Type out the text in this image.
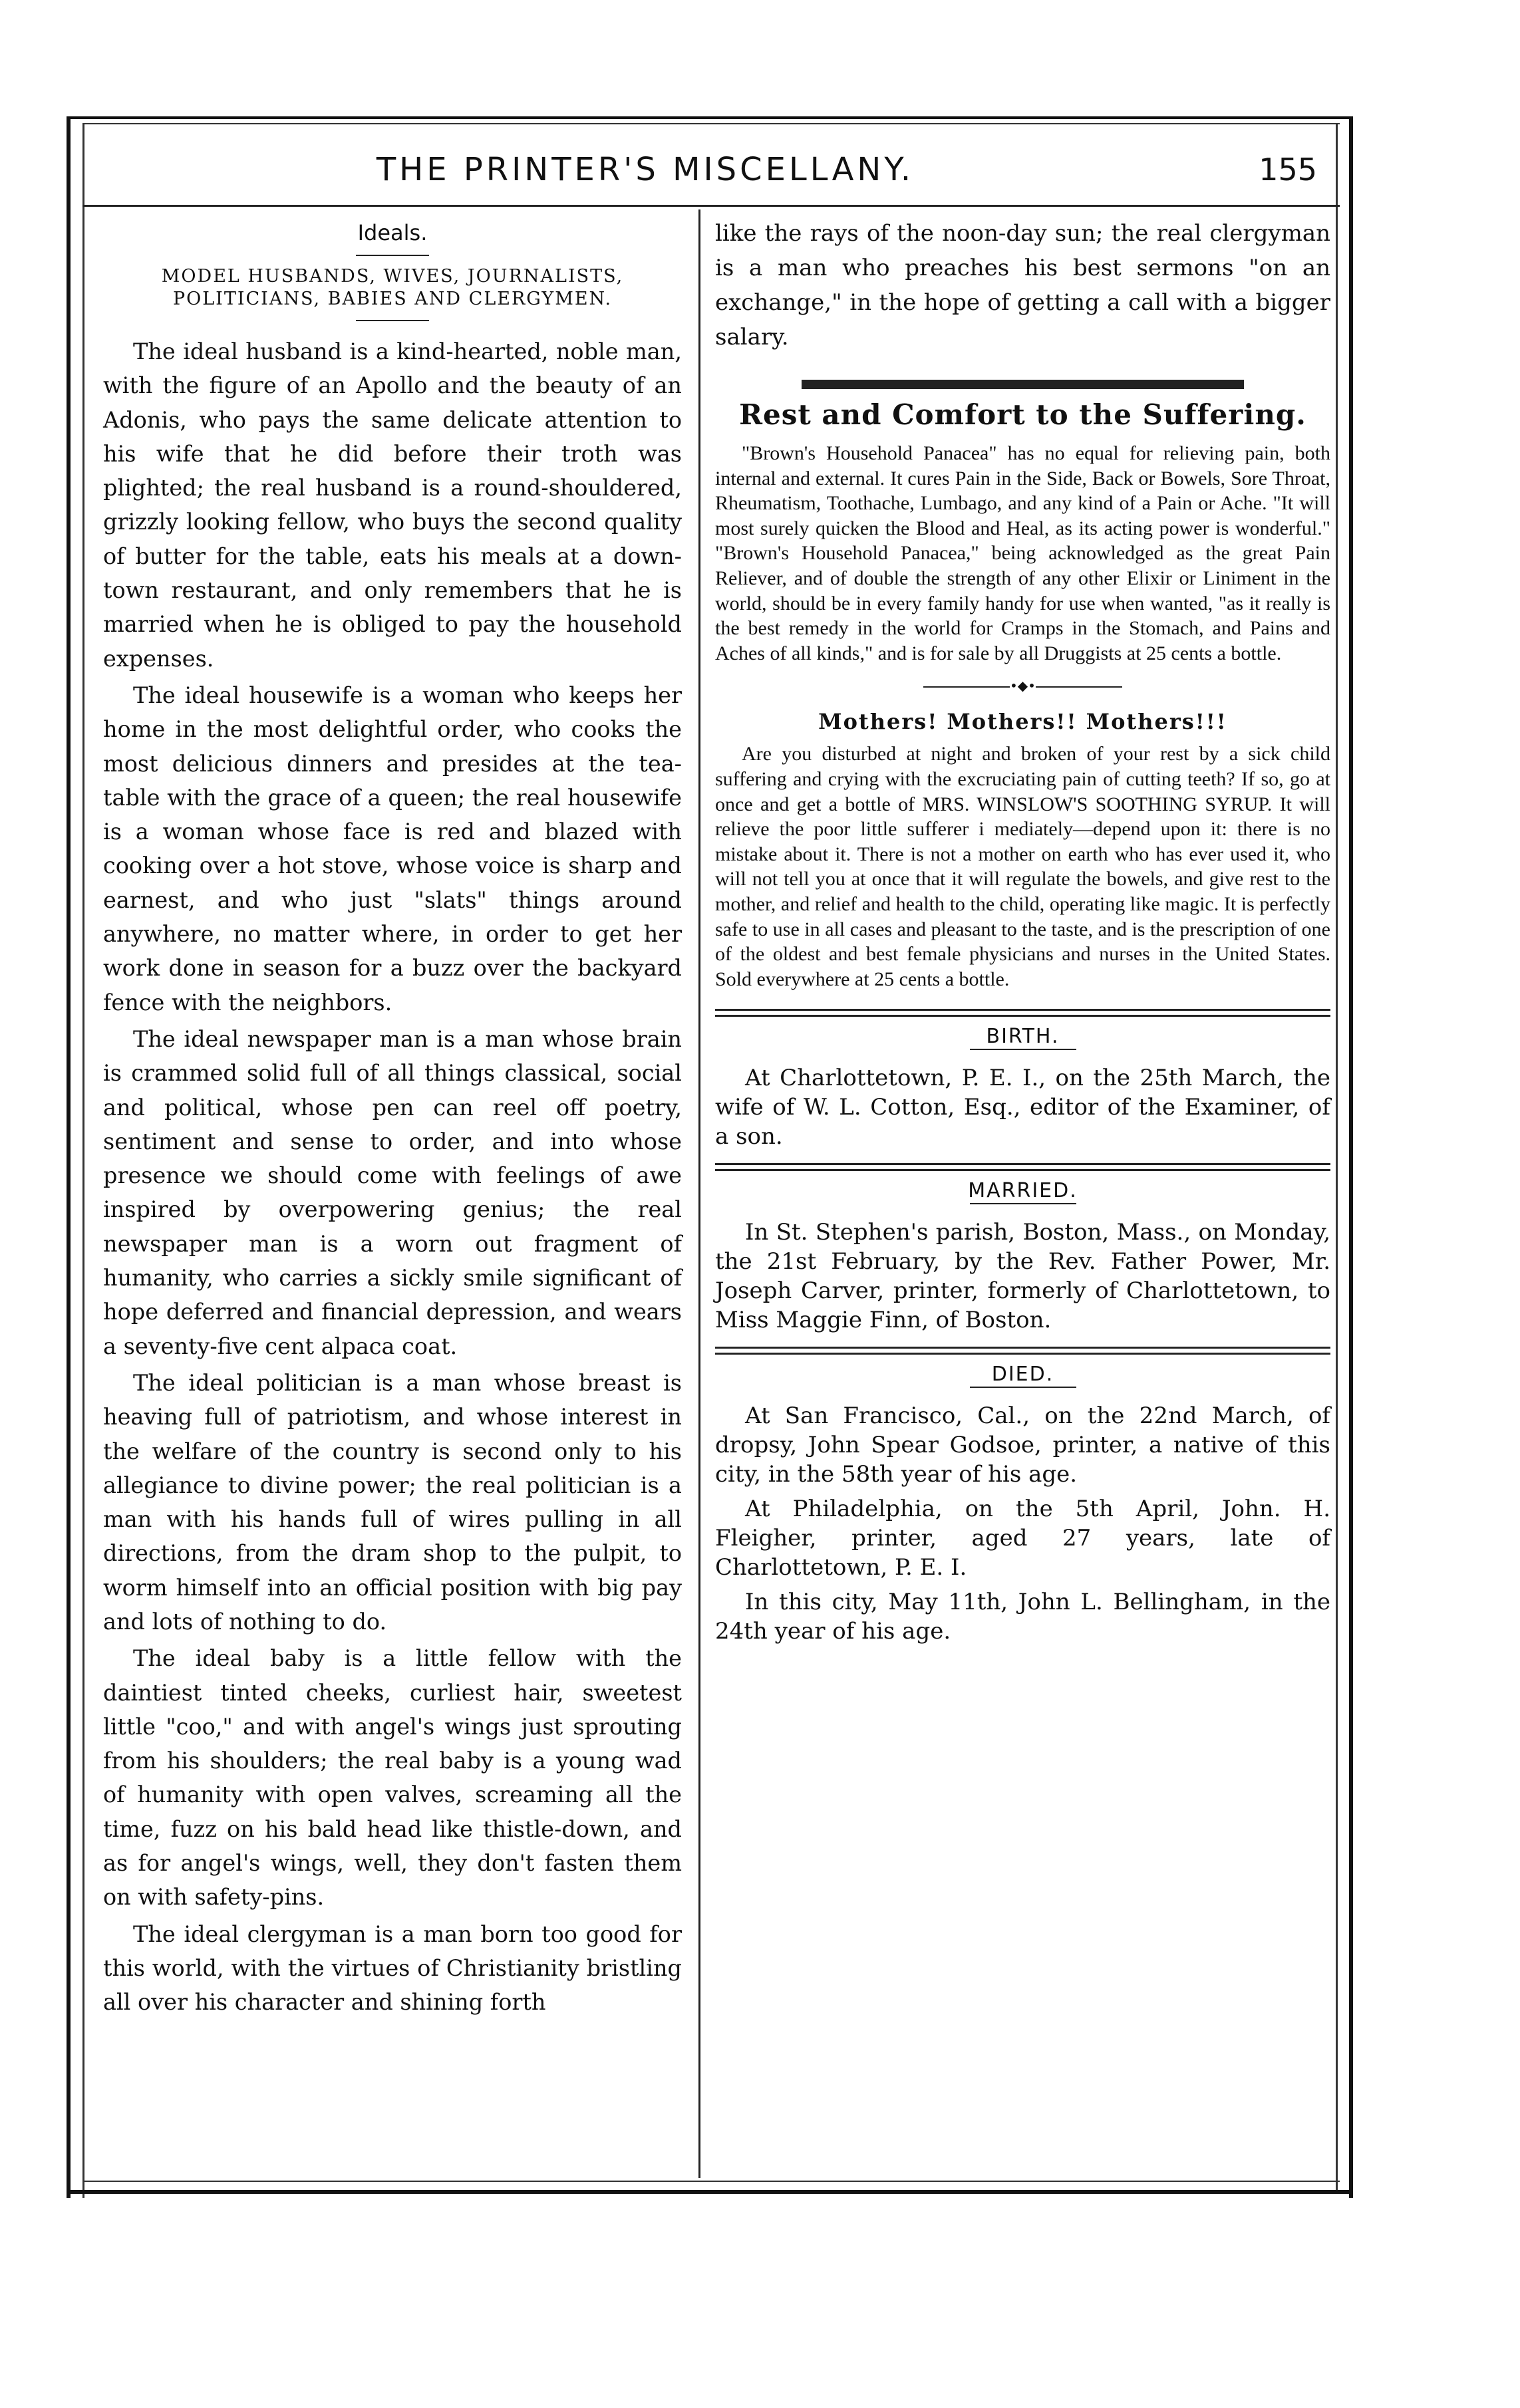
THE PRINTER'S MISCELLANY.	155
Ideals.
MODEL HUSBANDS, WIVES, JOURNALISTS, POLITICIANS, BABIES AND CLERGYMEN.

The ideal husband is a kind-hearted, noble man, with the figure of an Apollo and the beauty of an Adonis, who pays the same delicate attention to his wife that he did before their troth was plighted; the real husband is a round-shouldered, grizzly looking fellow, who buys the second quality of butter for the table, eats his meals at a down-town restaurant, and only remembers that he is married when he is obliged to pay the household expenses.

The ideal housewife is a woman who keeps her home in the most delightful order, who cooks the most delicious dinners and presides at the tea-table with the grace of a queen; the real housewife is a woman whose face is red and blazed with cooking over a hot stove, whose voice is sharp and earnest, and who just "slats" things around anywhere, no matter where, in order to get her work done in season for a buzz over the backyard fence with the neighbors.

The ideal newspaper man is a man whose brain is crammed solid full of all things classical, social and political, whose pen can reel off poetry, sentiment and sense to order, and into whose presence we should come with feelings of awe inspired by overpowering genius; the real newspaper man is a worn out fragment of humanity, who carries a sickly smile significant of hope deferred and financial depression, and wears a seventy-five cent alpaca coat.

The ideal politician is a man whose breast is heaving full of patriotism, and whose interest in the welfare of the country is second only to his allegiance to divine power; the real politician is a man with his hands full of wires pulling in all directions, from the dram shop to the pulpit, to worm himself into an official position with big pay and lots of nothing to do.

The ideal baby is a little fellow with the daintiest tinted cheeks, curliest hair, sweetest little "coo," and with angel's wings just sprouting from his shoulders; the real baby is a young wad of humanity with open valves, screaming all the time, fuzz on his bald head like thistle-down, and as for angel's wings, well, they don't fasten them on with safety-pins.

The ideal clergyman is a man born too good for this world, with the virtues of Christianity bristling all over his character and shining forth

like the rays of the noon-day sun; the real clergyman is a man who preaches his best sermons "on an exchange," in the hope of getting a call with a bigger salary.

Rest and Comfort to the Suffering.

"Brown's Household Panacea" has no equal for relieving pain, both internal and external. It cures Pain in the Side, Back or Bowels, Sore Throat, Rheumatism, Toothache, Lumbago, and any kind of a Pain or Ache. "It will most surely quicken the Blood and Heal, as its acting power is wonderful." "Brown's Household Panacea," being acknowledged as the great Pain Reliever, and of double the strength of any other Elixir or Liniment in the world, should be in every family handy for use when wanted, "as it really is the best remedy in the world for Cramps in the Stomach, and Pains and Aches of all kinds," and is for sale by all Druggists at 25 cents a bottle.

•◆•
Mothers! Mothers!! Mothers!!!

Are you disturbed at night and broken of your rest by a sick child suffering and crying with the excruciating pain of cutting teeth? If so, go at once and get a bottle of MRS. WINSLOW'S SOOTHING SYRUP. It will relieve the poor little sufferer i mediately—depend upon it: there is no mistake about it. There is not a mother on earth who has ever used it, who will not tell you at once that it will regulate the bowels, and give rest to the mother, and relief and health to the child, operating like magic. It is perfectly safe to use in all cases and pleasant to the taste, and is the prescription of one of the oldest and best female physicians and nurses in the United States. Sold everywhere at 25 cents a bottle.

BIRTH.

At Charlottetown, P. E. I., on the 25th March, the wife of W. L. Cotton, Esq., editor of the Examiner, of a son.

MARRIED.

In St. Stephen's parish, Boston, Mass., on Monday, the 21st February, by the Rev. Father Power, Mr. Joseph Carver, printer, formerly of Charlottetown, to Miss Maggie Finn, of Boston.

DIED.

At San Francisco, Cal., on the 22nd March, of dropsy, John Spear Godsoe, printer, a native of this city, in the 58th year of his age.

At Philadelphia, on the 5th April, John. H. Fleigher, printer, aged 27 years, late of Charlottetown, P. E. I.

In this city, May 11th, John L. Bellingham, in the 24th year of his age.
